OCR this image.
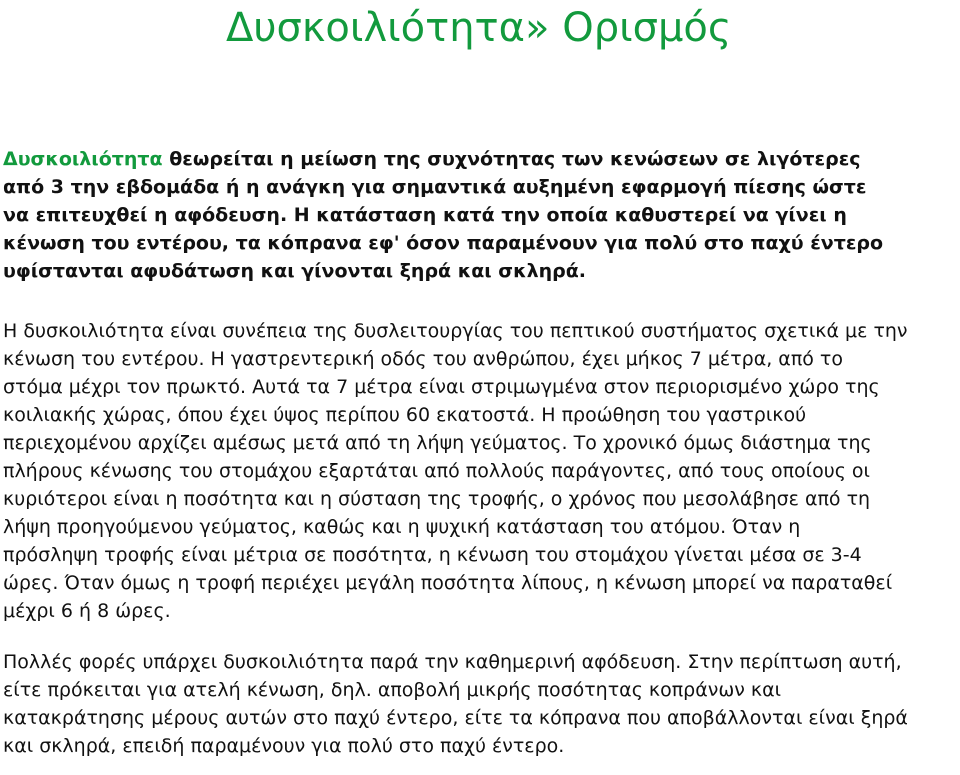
Δυσκοιλιότητα» Ορισμός
Δυσκοιλιότητα θεωρείται η μείωση της συχνότητας των κενώσεων σε λιγότερες
από 3 την εβδομάδα ή η ανάγκη για σημαντικά αυξημένη εφαρμογή πίεσης ώστε
να επιτευχθεί η αφόδευση. Η κατάσταση κατά την οποία καθυστερεί να γίνει η
κένωση του εντέρου, τα κόπρανα εφ' όσον παραμένουν για πολύ στο παχύ έντερο
υφίστανται αφυδάτωση και γίνονται ξηρά και σκληρά.
Η δυσκοιλιότητα είναι συνέπεια της δυσλειτουργίας του πεπτικού συστήματος σχετικά με την
κένωση του εντέρου. Η γαστρεντερική οδός του ανθρώπου, έχει μήκος 7 μέτρα, από το
στόμα μέχρι τον πρωκτό. Αυτά τα 7 μέτρα είναι στριμωγμένα στον περιορισμένο χώρο της
κοιλιακής χώρας, όπου έχει ύψος περίπου 60 εκατοστά. Η προώθηση του γαστρικού
περιεχομένου αρχίζει αμέσως μετά από τη λήψη γεύματος. Το χρονικό όμως διάστημα της
πλήρους κένωσης του στομάχου εξαρτάται από πολλούς παράγοντες, από τους οποίους οι
κυριότεροι είναι η ποσότητα και η σύσταση της τροφής, ο χρόνος που μεσολάβησε από τη
λήψη προηγούμενου γεύματος, καθώς και η ψυχική κατάσταση του ατόμου. Όταν η
πρόσληψη τροφής είναι μέτρια σε ποσότητα, η κένωση του στομάχου γίνεται μέσα σε 3-4
ώρες. Όταν όμως η τροφή περιέχει μεγάλη ποσότητα λίπους, η κένωση μπορεί να παραταθεί
μέχρι 6 ή 8 ώρες.
Πολλές φορές υπάρχει δυσκοιλιότητα παρά την καθημερινή αφόδευση. Στην περίπτωση αυτή,
είτε πρόκειται για ατελή κένωση, δηλ. αποβολή μικρής ποσότητας κοπράνων και
κατακράτησης μέρους αυτών στο παχύ έντερο, είτε τα κόπρανα που αποβάλλονται είναι ξηρά
και σκληρά, επειδή παραμένουν για πολύ στο παχύ έντερο.
